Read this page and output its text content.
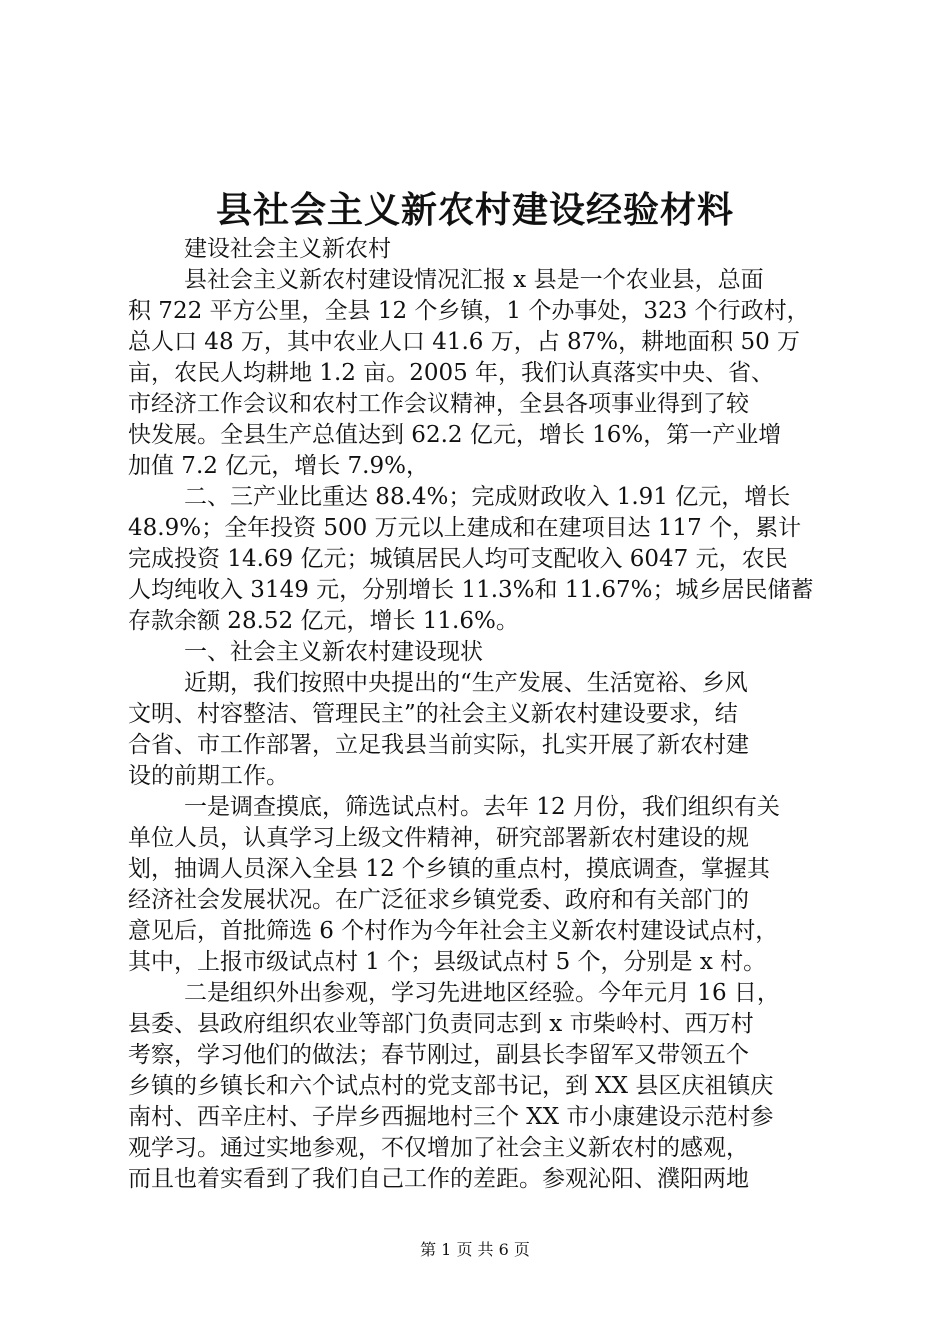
县社会主义新农村建设经验材料
建设社会主义新农村
县社会主义新农村建设情况汇报 x 县是一个农业县，总面
积 722 平方公里，全县 12 个乡镇，1 个办事处，323 个行政村，
总人口 48 万，其中农业人口 41.6 万，占 87%，耕地面积 50 万
亩，农民人均耕地 1.2 亩。2005 年，我们认真落实中央、省、
市经济工作会议和农村工作会议精神，全县各项事业得到了较
快发展。全县生产总值达到 62.2 亿元，增长 16%，第一产业增
加值 7.2 亿元，增长 7.9%，
二、三产业比重达 88.4%；完成财政收入 1.91 亿元，增长
48.9%；全年投资 500 万元以上建成和在建项目达 117 个，累计
完成投资 14.69 亿元；城镇居民人均可支配收入 6047 元，农民
人均纯收入 3149 元，分别增长 11.3%和 11.67%；城乡居民储蓄
存款余额 28.52 亿元，增长 11.6%。
一、社会主义新农村建设现状
近期，我们按照中央提出的“生产发展、生活宽裕、乡风
文明、村容整洁、管理民主”的社会主义新农村建设要求，结
合省、市工作部署，立足我县当前实际，扎实开展了新农村建
设的前期工作。
一是调查摸底，筛选试点村。去年 12 月份，我们组织有关
单位人员，认真学习上级文件精神，研究部署新农村建设的规
划，抽调人员深入全县 12 个乡镇的重点村，摸底调查，掌握其
经济社会发展状况。在广泛征求乡镇党委、政府和有关部门的
意见后，首批筛选 6 个村作为今年社会主义新农村建设试点村，
其中，上报市级试点村 1 个；县级试点村 5 个，分别是 x 村。
二是组织外出参观，学习先进地区经验。今年元月 16 日，
县委、县政府组织农业等部门负责同志到 x 市柴岭村、西万村
考察，学习他们的做法；春节刚过，副县长李留军又带领五个
乡镇的乡镇长和六个试点村的党支部书记，到 XX 县区庆祖镇庆
南村、西辛庄村、子岸乡西掘地村三个 XX 市小康建设示范村参
观学习。通过实地参观，不仅增加了社会主义新农村的感观，
而且也着实看到了我们自己工作的差距。参观沁阳、濮阳两地
第 1 页 共 6 页
